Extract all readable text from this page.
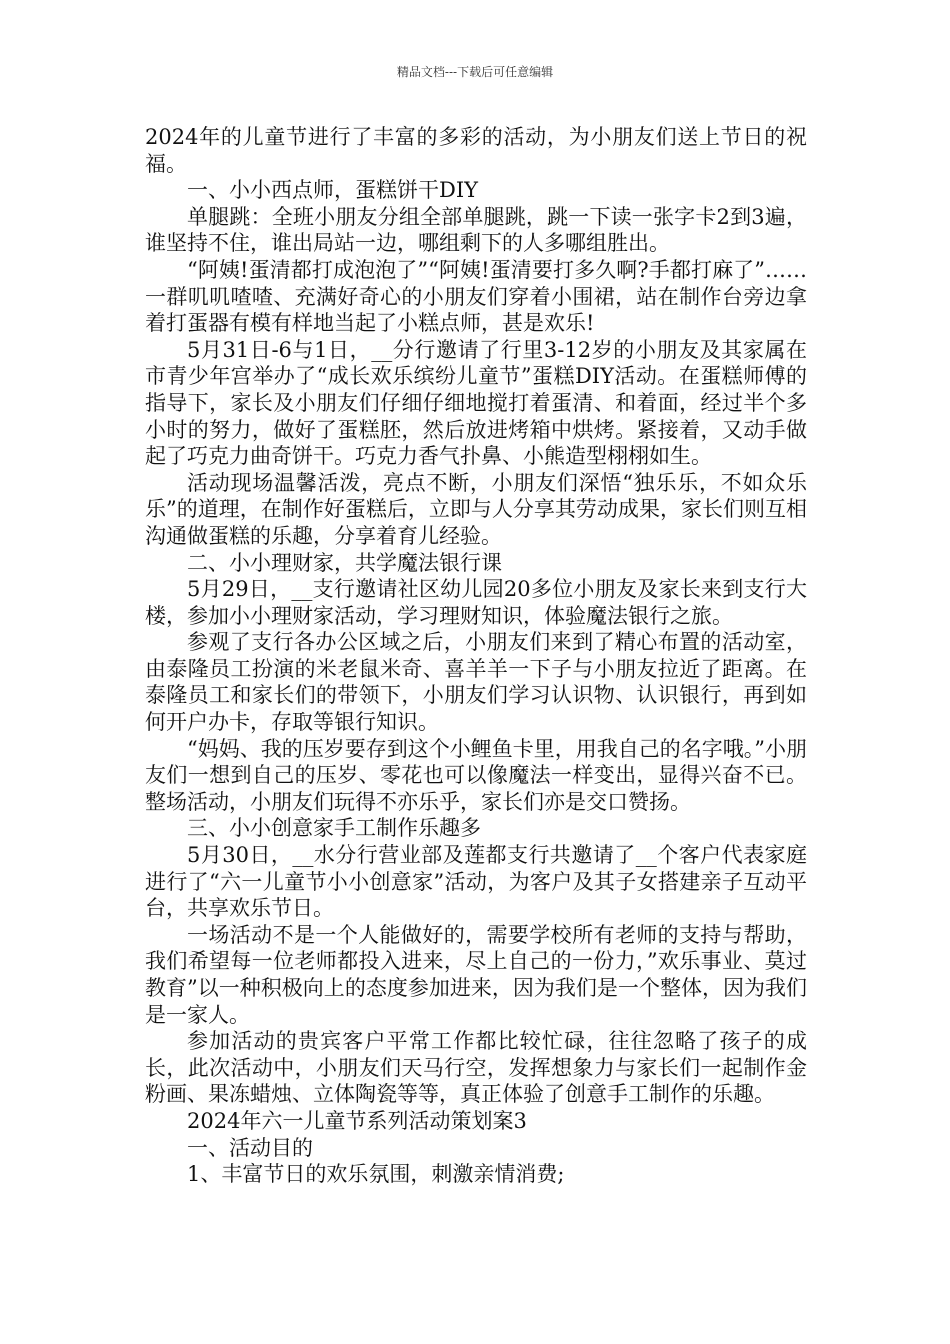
精品文档---下载后可任意编辑

2024年的儿童节进行了丰富的多彩的活动，为小朋友们送上节日的祝福。

一、小小西点师，蛋糕饼干DIY

单腿跳：全班小朋友分组全部单腿跳，跳一下读一张字卡2到3遍，谁坚持不住，谁出局站一边，哪组剩下的人多哪组胜出。

“阿姨!蛋清都打成泡泡了”“阿姨!蛋清要打多久啊?手都打麻了”……一群叽叽喳喳、充满好奇心的小朋友们穿着小围裙，站在制作台旁边拿着打蛋器有模有样地当起了小糕点师，甚是欢乐!

5月31日-6与1日，__分行邀请了行里3-12岁的小朋友及其家属在市青少年宫举办了“成长欢乐缤纷儿童节”蛋糕DIY活动。在蛋糕师傅的指导下，家长及小朋友们仔细仔细地搅打着蛋清、和着面，经过半个多小时的努力，做好了蛋糕胚，然后放进烤箱中烘烤。紧接着，又动手做起了巧克力曲奇饼干。巧克力香气扑鼻、小熊造型栩栩如生。

活动现场温馨活泼，亮点不断，小朋友们深悟“独乐乐，不如众乐乐”的道理，在制作好蛋糕后，立即与人分享其劳动成果，家长们则互相沟通做蛋糕的乐趣，分享着育儿经验。

二、小小理财家，共学魔法银行课

5月29日，__支行邀请社区幼儿园20多位小朋友及家长来到支行大楼，参加小小理财家活动，学习理财知识，体验魔法银行之旅。

参观了支行各办公区域之后，小朋友们来到了精心布置的活动室，由泰隆员工扮演的米老鼠米奇、喜羊羊一下子与小朋友拉近了距离。在泰隆员工和家长们的带领下，小朋友们学习认识物、认识银行，再到如何开户办卡，存取等银行知识。

“妈妈、我的压岁要存到这个小鲤鱼卡里，用我自己的名字哦。”小朋友们一想到自己的压岁、零花也可以像魔法一样变出，显得兴奋不已。整场活动，小朋友们玩得不亦乐乎，家长们亦是交口赞扬。

三、小小创意家手工制作乐趣多

5月30日，__水分行营业部及莲都支行共邀请了__个客户代表家庭进行了“六一儿童节小小创意家”活动，为客户及其子女搭建亲子互动平台，共享欢乐节日。

一场活动不是一个人能做好的，需要学校所有老师的支持与帮助，我们希望每一位老师都投入进来，尽上自己的一份力，”欢乐事业、莫过教育”以一种积极向上的态度参加进来，因为我们是一个整体，因为我们是一家人。

参加活动的贵宾客户平常工作都比较忙碌，往往忽略了孩子的成长，此次活动中，小朋友们天马行空，发挥想象力与家长们一起制作金粉画、果冻蜡烛、立体陶瓷等等，真正体验了创意手工制作的乐趣。

2024年六一儿童节系列活动策划案3

一、活动目的

1、丰富节日的欢乐氛围，刺激亲情消费;
